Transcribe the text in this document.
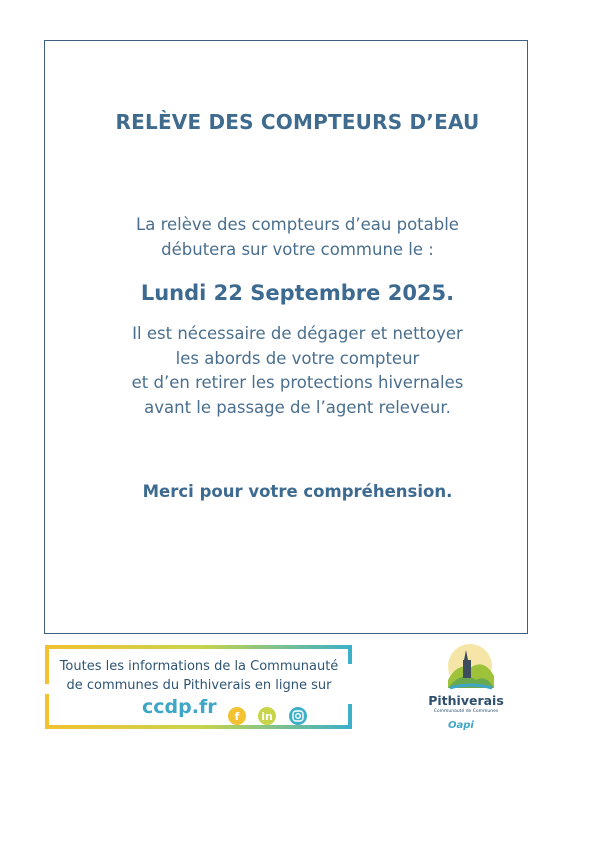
RELÈVE DES COMPTEURS D’EAU
La relève des compteurs d’eau potable
débutera sur votre commune le :
Lundi 22 Septembre 2025.
Il est nécessaire de dégager et nettoyer
les abords de votre compteur
et d’en retirer les protections hivernales
avant le passage de l’agent releveur.
Merci pour votre compréhension.
Toutes les informations de la Communauté
de communes du Pithiverais en ligne sur
ccdp.fr	f	in
Pithiverais
Communauté de Communes
Oapi
